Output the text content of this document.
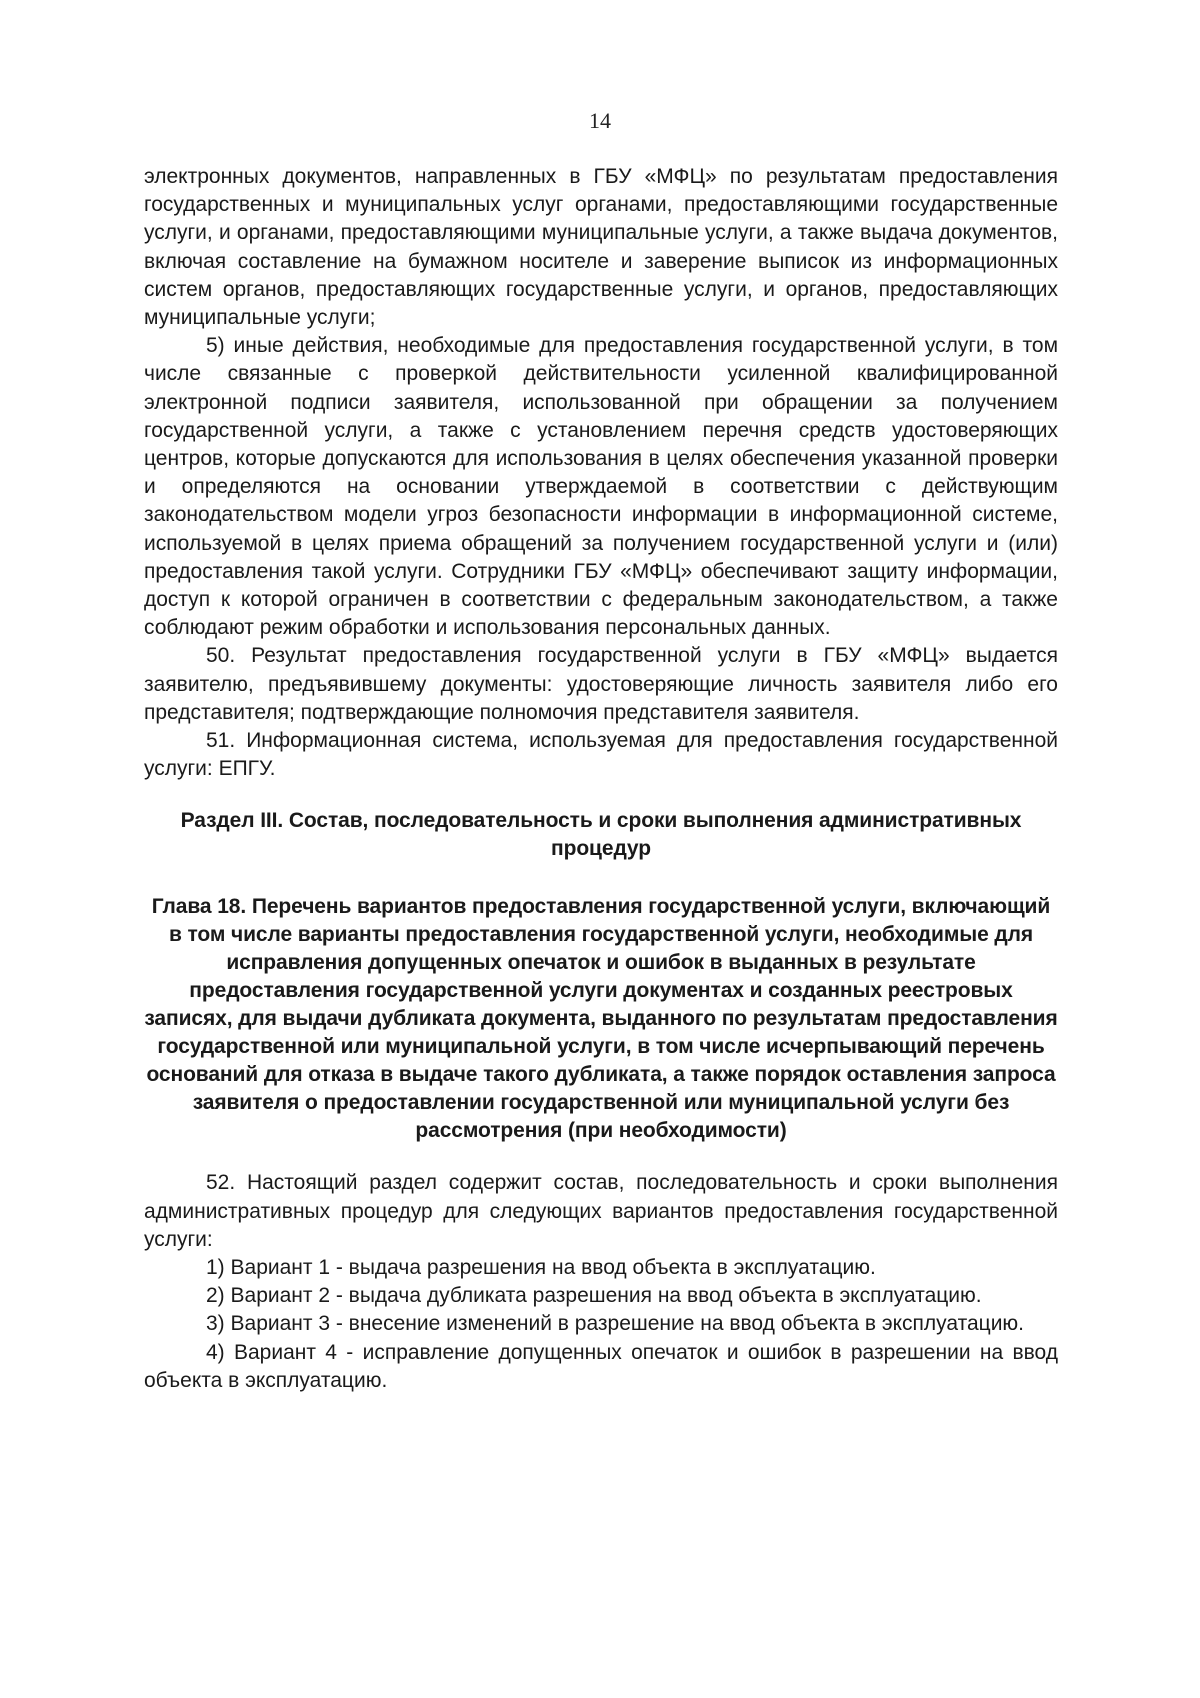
14

электронных документов, направленных в ГБУ «МФЦ» по результатам предоставления государственных и муниципальных услуг органами, предоставляющими государственные услуги, и органами, предоставляющими муниципальные услуги, а также выдача документов, включая составление на бумажном носителе и заверение выписок из информационных систем органов, предоставляющих государственные услуги, и органов, предоставляющих муниципальные услуги;

5) иные действия, необходимые для предоставления государственной услуги, в том числе связанные с проверкой действительности усиленной квалифицированной электронной подписи заявителя, использованной при обращении за получением государственной услуги, а также с установлением перечня средств удостоверяющих центров, которые допускаются для использования в целях обеспечения указанной проверки и определяются на основании утверждаемой в соответствии с действующим законодательством модели угроз безопасности информации в информационной системе, используемой в целях приема обращений за получением государственной услуги и (или) предоставления такой услуги. Сотрудники ГБУ «МФЦ» обеспечивают защиту информации, доступ к которой ограничен в соответствии с федеральным законодательством, а также соблюдают режим обработки и использования персональных данных.

50. Результат предоставления государственной услуги в ГБУ «МФЦ» выдается заявителю, предъявившему документы: удостоверяющие личность заявителя либо его представителя; подтверждающие полномочия представителя заявителя.

51. Информационная система, используемая для предоставления государственной услуги: ЕПГУ.

Раздел III. Состав, последовательность и сроки выполнения административных процедур

Глава 18. Перечень вариантов предоставления государственной услуги, включающий в том числе варианты предоставления государственной услуги, необходимые для исправления допущенных опечаток и ошибок в выданных в результате предоставления государственной услуги документах и созданных реестровых записях, для выдачи дубликата документа, выданного по результатам предоставления государственной или муниципальной услуги, в том числе исчерпывающий перечень оснований для отказа в выдаче такого дубликата, а также порядок оставления запроса заявителя о предоставлении государственной или муниципальной услуги без рассмотрения (при необходимости)

52. Настоящий раздел содержит состав, последовательность и сроки выполнения административных процедур для следующих вариантов предоставления государственной услуги:

1) Вариант 1 - выдача разрешения на ввод объекта в эксплуатацию.

2) Вариант 2 - выдача дубликата разрешения на ввод объекта в эксплуатацию.

3) Вариант 3 - внесение изменений в разрешение на ввод объекта в эксплуатацию.

4) Вариант 4 - исправление допущенных опечаток и ошибок в разрешении на ввод объекта в эксплуатацию.
